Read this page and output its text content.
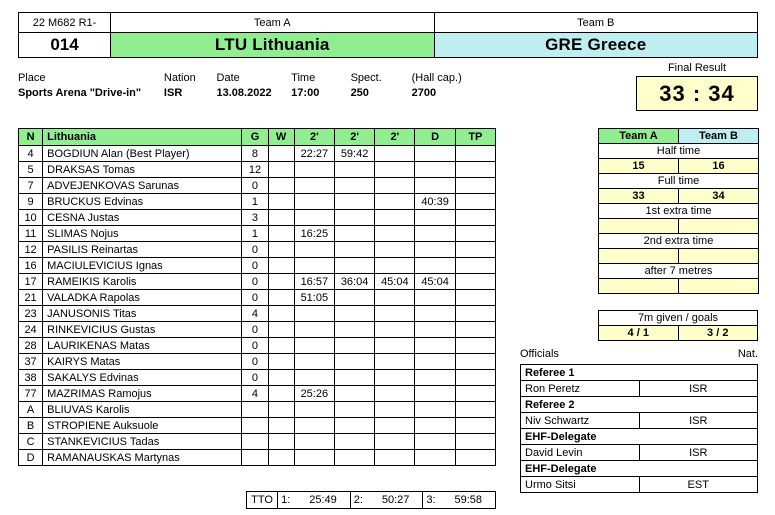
22 M682 R1-
014
Team A
LTU Lithuania
Team B
GRE Greece
Place	Nation	Date	Time	Spect.	(Hall cap.)
Sports Arena "Drive-in"	ISR	13.08.2022	17:00	250	2700
Final Result
33 : 34
N	Lithuania	G	W	2'	2'	2'	D	TP
4	BOGDIUN Alan (Best Player)	8		22:27	59:42			
5	DRAKSAS Tomas	12						
7	ADVEJENKOVAS Sarunas	0						
9	BRUCKUS Edvinas	1					40:39	
10	CESNA Justas	3						
11	SLIMAS Nojus	1		16:25				
12	PASILIS Reinartas	0						
16	MACIULEVICIUS Ignas	0						
17	RAMEIKIS Karolis	0		16:57	36:04	45:04	45:04	
21	VALADKA Rapolas	0		51:05				
23	JANUSONIS Titas	4						
24	RINKEVICIUS Gustas	0						
28	LAURIKENAS Matas	0						
37	KAIRYS Matas	0						
38	SAKALYS Edvinas	0						
77	MAZRIMAS Ramojus	4		25:26				
A	BLIUVAS Karolis							
B	STROPIENE Auksuole							
C	STANKEVICIUS Tadas							
D	RAMANAUSKAS Martynas							
TTO	1:	25:49	2:	50:27	3:	59:58
Team A	Team B
Half time	
15	16
Full time	
33	34
1st extra time	

2nd extra time	

after 7 metres	

7m given / goals
4 / 1	3 / 2
Officials	Nat.
Referee 1	
Ron Peretz	ISR
Referee 2	
Niv Schwartz	ISR
EHF-Delegate	
David Levin	ISR
EHF-Delegate	
Urmo Sitsi	EST
